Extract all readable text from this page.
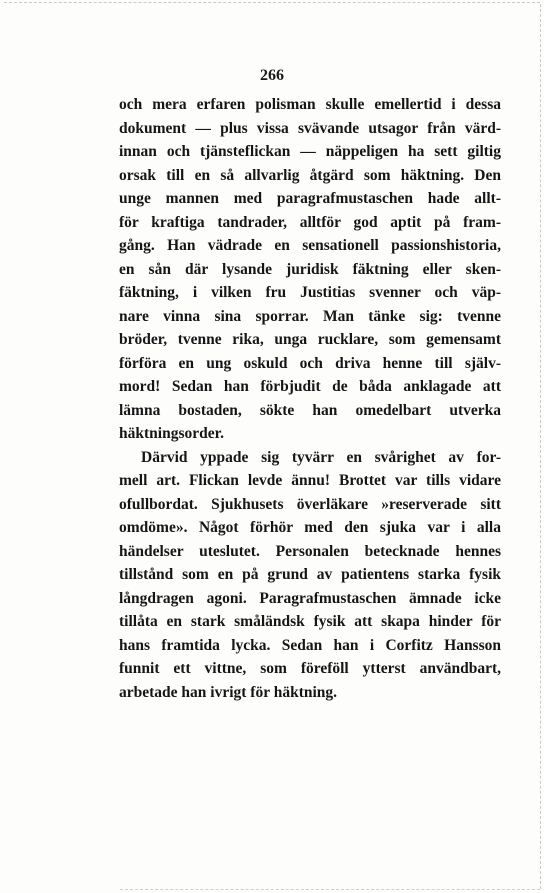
266
och mera erfaren polisman skulle emellertid i dessa
dokument — plus vissa svävande utsagor från värd-
innan och tjänsteflickan — näppeligen ha sett giltig
orsak till en så allvarlig åtgärd som häktning. Den
unge mannen med paragrafmustaschen hade allt-
för kraftiga tandrader, alltför god aptit på fram-
gång. Han vädrade en sensationell passionshistoria,
en sån där lysande juridisk fäktning eller sken-
fäktning, i vilken fru Justitias svenner och väp-
nare vinna sina sporrar. Man tänke sig: tvenne
bröder, tvenne rika, unga rucklare, som gemensamt
förföra en ung oskuld och driva henne till själv-
mord! Sedan han förbjudit de båda anklagade att
lämna bostaden, sökte han omedelbart utverka
häktningsorder.
Därvid yppade sig tyvärr en svårighet av for-
mell art. Flickan levde ännu! Brottet var tills vidare
ofullbordat. Sjukhusets överläkare »reserverade sitt
omdöme». Något förhör med den sjuka var i alla
händelser uteslutet. Personalen betecknade hennes
tillstånd som en på grund av patientens starka fysik
långdragen agoni. Paragrafmustaschen ämnade icke
tillåta en stark småländsk fysik att skapa hinder för
hans framtida lycka. Sedan han i Corfitz Hansson
funnit ett vittne, som föreföll ytterst användbart,
arbetade han ivrigt för häktning.
